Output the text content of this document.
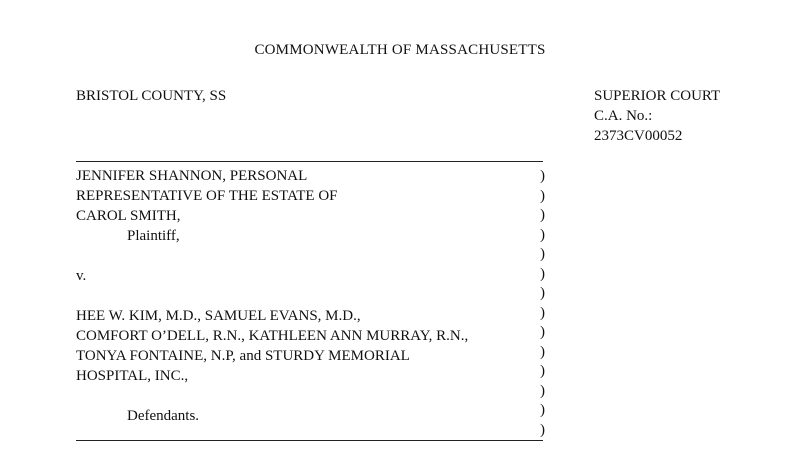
COMMONWEALTH OF MASSACHUSETTS
BRISTOL COUNTY, SS	SUPERIOR COURT
C.A. No.:
2373CV00052
JENNIFER SHANNON, PERSONAL
REPRESENTATIVE OF THE ESTATE OF
CAROL SMITH,
Plaintiff,
v.
HEE W. KIM, M.D., SAMUEL EVANS, M.D.,
COMFORT O’DELL, R.N., KATHLEEN ANN MURRAY, R.N.,
TONYA FONTAINE, N.P, and STURDY MEMORIAL
HOSPITAL, INC.,
Defendants.
)
)
)
)
)
)
)
)
)
)
)
)
)
)
